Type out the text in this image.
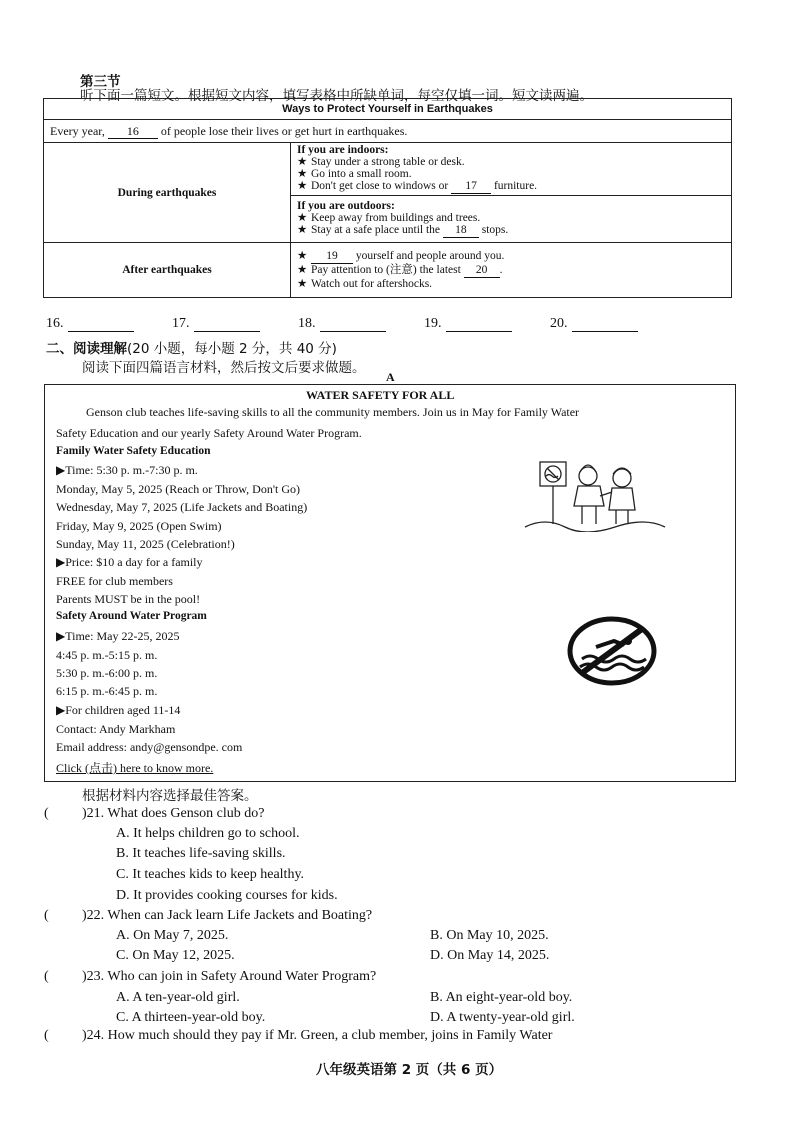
第三节
听下面一篇短文。根据短文内容，填写表格中所缺单词，每空仅填一词。短文读两遍。
Ways to Protect Yourself in Earthquakes	
Every year, 16 of people lose their lives or get hurt in earthquakes.	
During earthquakes	If you are indoors:
★ Stay under a strong table or desk.
★ Go into a small room.
★ Don't get close to windows or 17 furniture.

	If you are outdoors:
★ Keep away from buildings and trees.
★ Stay at a safe place until the 18 stops.

After earthquakes	★ 19 yourself and people around you.
★ Pay attention to (注意) the latest 20 .
★ Watch out for aftershocks.
16.	17.	18.	19.	20.
二、阅读理解(20 小题，每小题 2 分，共 40 分)
阅读下面四篇语言材料，然后按文后要求做题。
A
WATER SAFETY FOR ALL
Genson club teaches life-saving skills to all the community members. Join us in May for Family Water
Safety Education and our yearly Safety Around Water Program.
Family Water Safety Education
▶Time: 5:30 p. m.-7:30 p. m.
Monday, May 5, 2025 (Reach or Throw, Don't Go)
Wednesday, May 7, 2025 (Life Jackets and Boating)
Friday, May 9, 2025 (Open Swim)
Sunday, May 11, 2025 (Celebration!)
▶Price: $10 a day for a family
FREE for club members
Parents MUST be in the pool!
Safety Around Water Program
▶Time: May 22-25, 2025
4:45 p. m.-5:15 p. m.
5:30 p. m.-6:00 p. m.
6:15 p. m.-6:45 p. m.
▶For children aged 11-14
Contact: Andy Markham
Email address: andy@gensondpe. com
Click (点击) here to know more.
根据材料内容选择最佳答案。
( )21. What does Genson club do?
A. It helps children go to school.
B. It teaches life-saving skills.
C. It teaches kids to keep healthy.
D. It provides cooking courses for kids.
( )22. When can Jack learn Life Jackets and Boating?
A. On May 7, 2025.	B. On May 10, 2025.
C. On May 12, 2025.	D. On May 14, 2025.
( )23. Who can join in Safety Around Water Program?
A. A ten-year-old girl.	B. An eight-year-old boy.
C. A thirteen-year-old boy.	D. A twenty-year-old girl.
( )24. How much should they pay if Mr. Green, a club member, joins in Family Water
八年级英语第 2 页（共 6 页）
